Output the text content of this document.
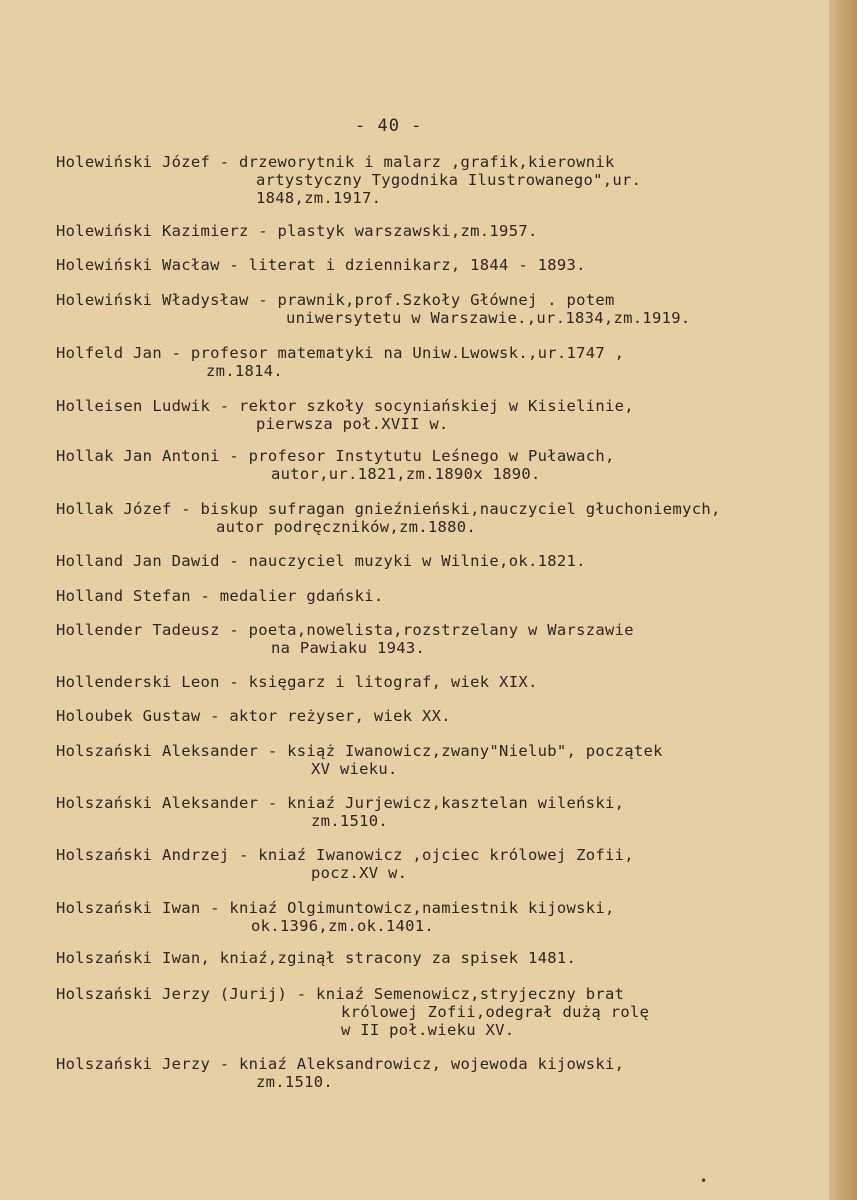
- 40 -
Holewiński Józef - drzeworytnik i malarz ,grafik,kierownik
artystyczny Tygodnika Ilustrowanego",ur.
1848,zm.1917.
Holewiński Kazimierz - plastyk warszawski,zm.1957.
Holewiński Wacław - literat i dziennikarz, 1844 - 1893.
Holewiński Władysław - prawnik,prof.Szkoły Głównej . potem
uniwersytetu w Warszawie.,ur.1834,zm.1919.
Holfeld Jan - profesor matematyki na Uniw.Lwowsk.,ur.1747 ,
zm.1814.
Holleisen Ludwik - rektor szkoły socyniańskiej w Kisielinie,
pierwsza poł.XVII w.
Hollak Jan Antoni - profesor Instytutu Leśnego w Puławach,
autor,ur.1821,zm.1890x 1890.
Hollak Józef - biskup sufragan gnieźnieński,nauczyciel głuchoniemych,
autor podręczników,zm.1880.
Holland Jan Dawid - nauczyciel muzyki w Wilnie,ok.1821.
Holland Stefan - medalier gdański.
Hollender Tadeusz - poeta,nowelista,rozstrzelany w Warszawie
na Pawiaku 1943.
Hollenderski Leon - księgarz i litograf, wiek XIX.
Holoubek Gustaw - aktor reżyser, wiek XX.
Holszański Aleksander - książ Iwanowicz,zwany"Nielub", początek
XV wieku.
Holszański Aleksander - kniaź Jurjewicz,kasztelan wileński,
zm.1510.
Holszański Andrzej - kniaź Iwanowicz ,ojciec królowej Zofii,
pocz.XV w.
Holszański Iwan - kniaź Olgimuntowicz,namiestnik kijowski,
ok.1396,zm.ok.1401.
Holszański Iwan, kniaź,zginął stracony za spisek 1481.
Holszański Jerzy (Jurij) - kniaź Semenowicz,stryjeczny brat
królowej Zofii,odegrał dużą rolę
w II poł.wieku XV.
Holszański Jerzy - kniaź Aleksandrowicz, wojewoda kijowski,
zm.1510.
•
